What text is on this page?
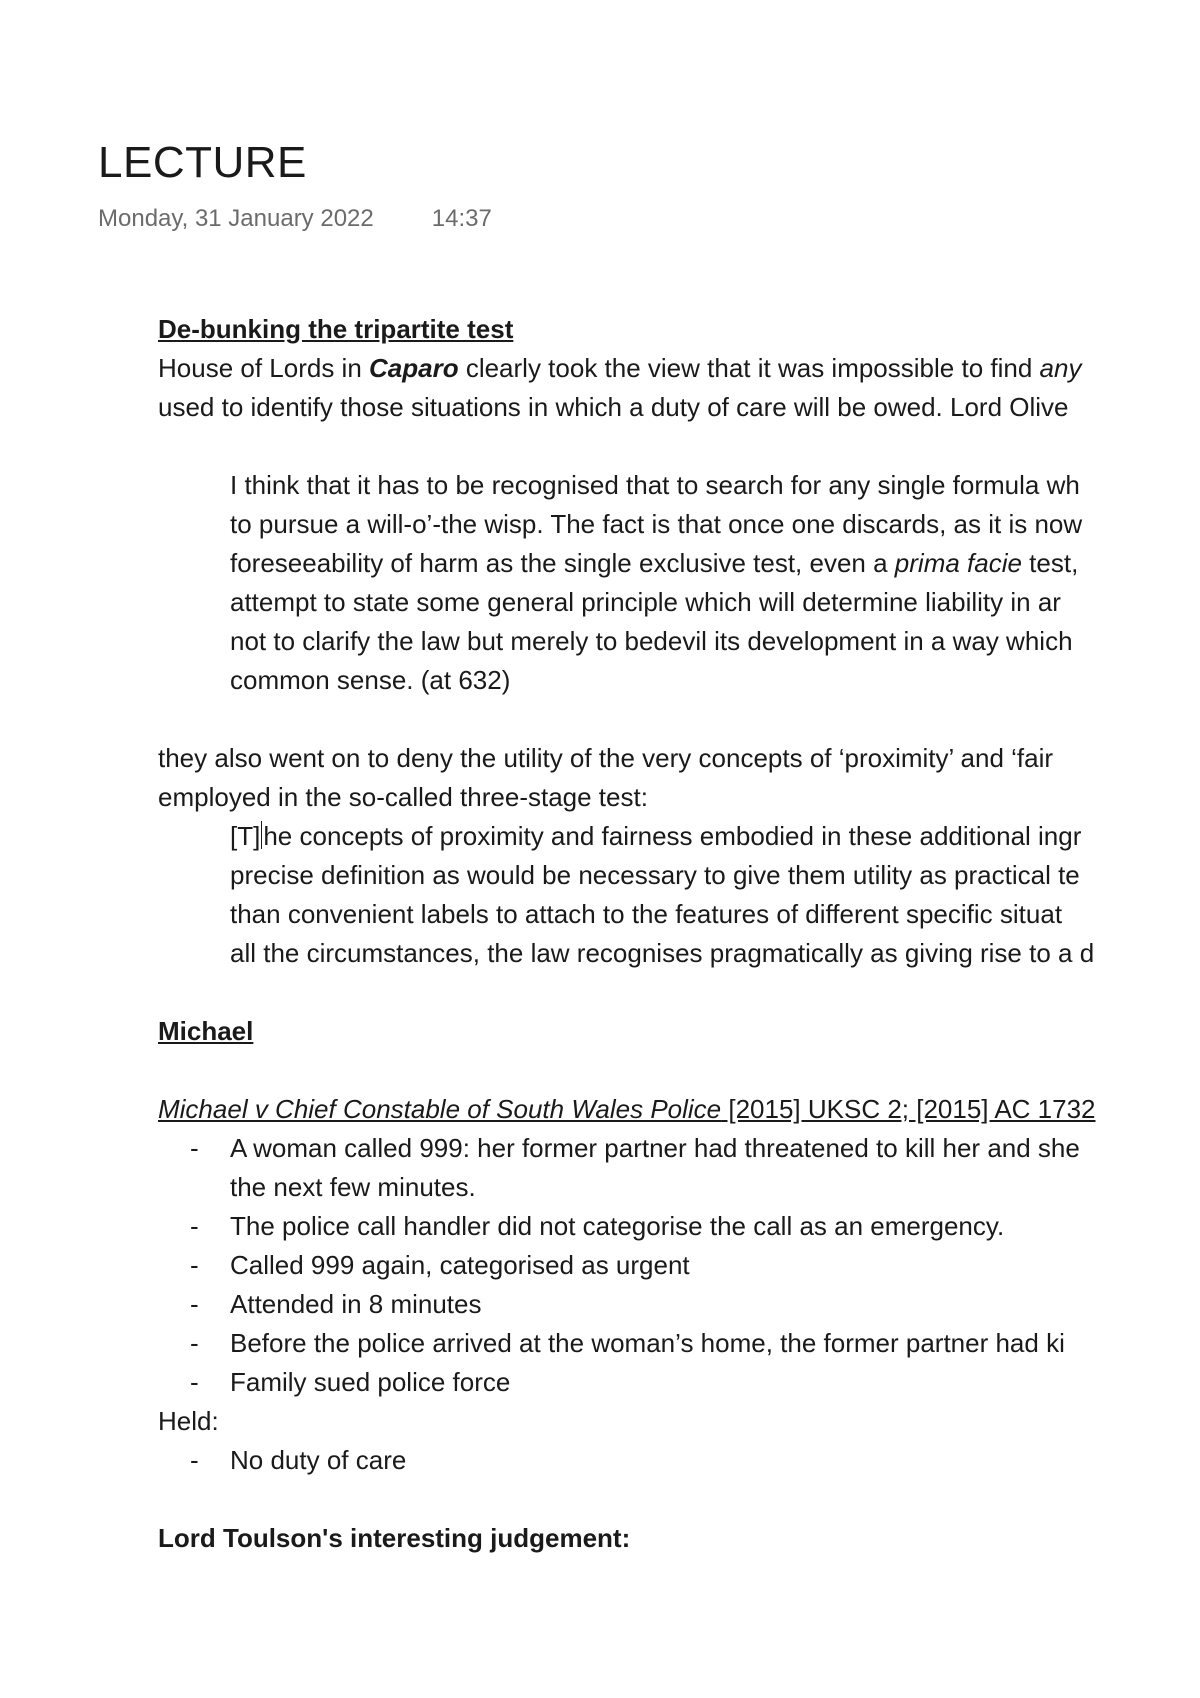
LECTURE
Monday, 31 January 2022 14:37
De-bunking the tripartite test
House of Lords in Caparo clearly took the view that it was impossible to find any
used to identify those situations in which a duty of care will be owed. Lord Olive
I think that it has to be recognised that to search for any single formula wh
to pursue a will-o’-the wisp. The fact is that once one discards, as it is now
foreseeability of harm as the single exclusive test, even a prima facie test,
attempt to state some general principle which will determine liability in ar
not to clarify the law but merely to bedevil its development in a way which
common sense. (at 632)
they also went on to deny the utility of the very concepts of ‘proximity’ and ‘fair
employed in the so-called three-stage test:
[T] he concepts of proximity and fairness embodied in these additional ingr
precise definition as would be necessary to give them utility as practical te
than convenient labels to attach to the features of different specific situat
all the circumstances, the law recognises pragmatically as giving rise to a d
Michael
Michael v Chief Constable of South Wales Police [2015] UKSC 2; [2015] AC 1732
- A woman called 999: her former partner had threatened to kill her and she
the next few minutes.
- The police call handler did not categorise the call as an emergency.
- Called 999 again, categorised as urgent
- Attended in 8 minutes
- Before the police arrived at the woman’s home, the former partner had ki
- Family sued police force
Held:
- No duty of care
Lord Toulson's interesting judgement:
